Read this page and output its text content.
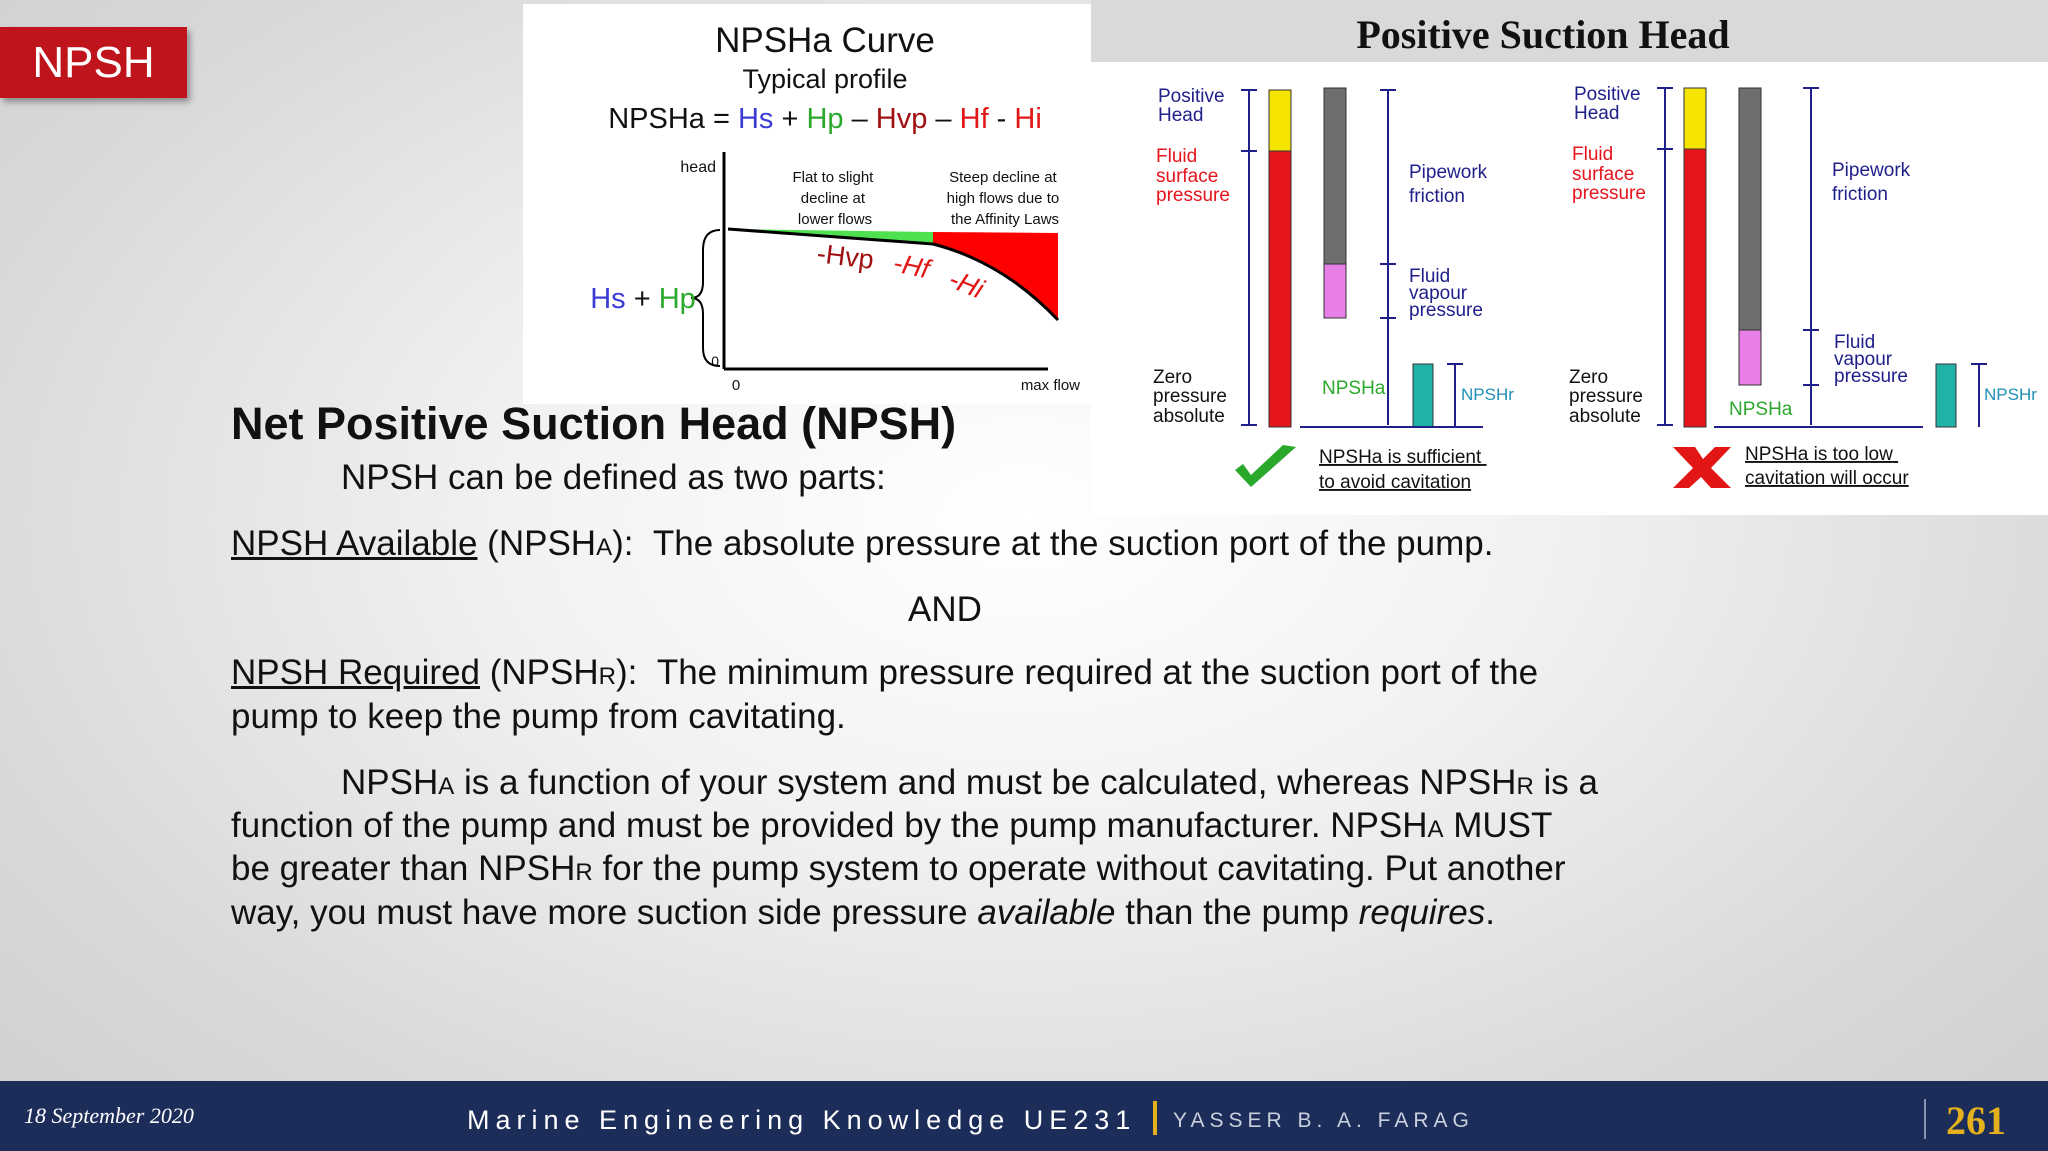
NPSH	NPSHa Curve
Typical profile
NPSHa = Hs + Hp – Hvp – Hf - Hi
head
0
0	max flow
Flat to slight decline at lower flows
Steep decline at high flows due to the Affinity Laws
-Hvp -Hf -Hi
Hs + Hp
Positive Suction Head
Positive Head
Fluid surface pressure
Zero pressure absolute
Pipework friction
Fluid vapour pressure
NPSHa	NPSHr
NPSHa is sufficient to avoid cavitation
Positive Head
Fluid surface pressure
Zero pressure absolute
Pipework friction
Fluid vapour pressure
NPSHa
NPSHr
NPSHa is too low cavitation will occur
Net Positive Suction Head (NPSH)
NPSH can be defined as two parts:
NPSH Available (NPSHA): The absolute pressure at the suction port of the pump.
AND
NPSH Required (NPSHR): The minimum pressure required at the suction port of the
pump to keep the pump from cavitating.
NPSHA is a function of your system and must be calculated, whereas NPSHR is a
function of the pump and must be provided by the pump manufacturer. NPSHA MUST
be greater than NPSHR for the pump system to operate without cavitating. Put another
way, you must have more suction side pressure available than the pump requires.
18 September 2020	Marine Engineering Knowledge UE231 YASSER B. A. FARAG	261
